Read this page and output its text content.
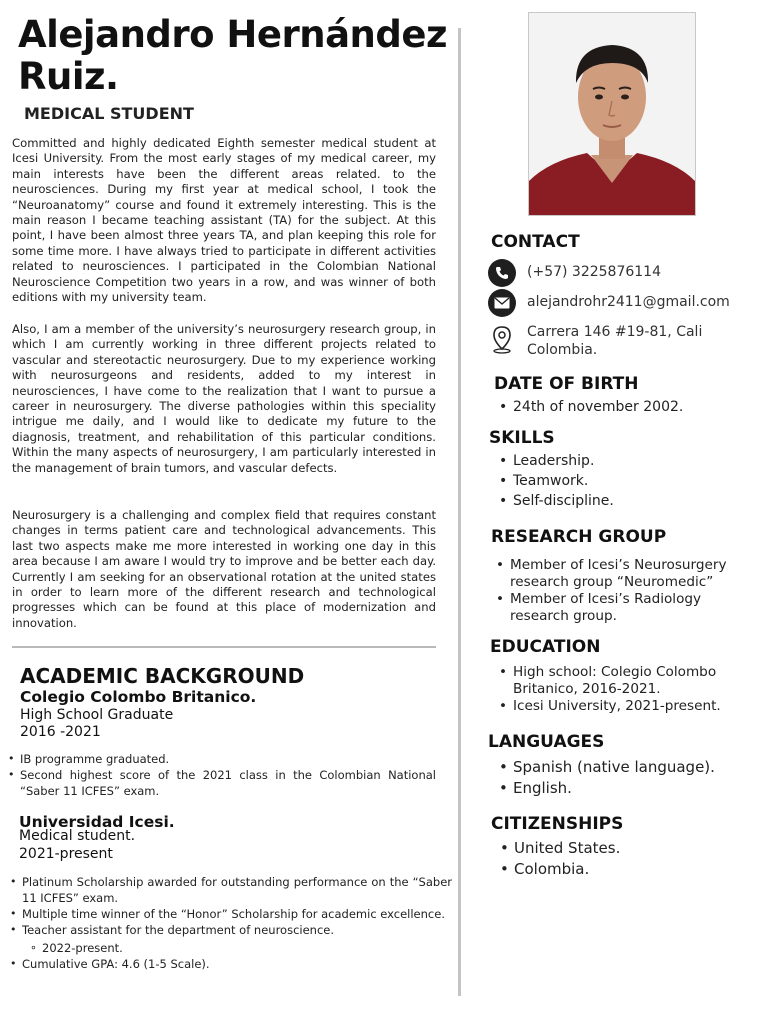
Alejandro Hernández Ruiz.
MEDICAL STUDENT

Committed and highly dedicated Eighth semester medical student at Icesi University. From the most early stages of my medical career, my main interests have been the different areas related. to the neurosciences. During my first year at medical school, I took the “Neuroanatomy” course and found it extremely interesting. This is the main reason I became teaching assistant (TA) for the subject. At this point, I have been almost three years TA, and plan keeping this role for some time more. I have always tried to participate in different activities related to neurosciences. I participated in the Colombian National Neuroscience Competition two years in a row, and was winner of both editions with my university team.

Also, I am a member of the university’s neurosurgery research group, in which I am currently working in three different projects related to vascular and stereotactic neurosurgery. Due to my experience working with neurosurgeons and residents, added to my interest in neurosciences, I have come to the realization that I want to pursue a career in neurosurgery. The diverse pathologies within this speciality intrigue me daily, and I would like to dedicate my future to the diagnosis, treatment, and rehabilitation of this particular conditions. Within the many aspects of neurosurgery, I am particularly interested in the management of brain tumors, and vascular defects.

Neurosurgery is a challenging and complex field that requires constant changes in terms patient care and technological advancements. This last two aspects make me more interested in working one day in this area because I am aware I would try to improve and be better each day. Currently I am seeking for an observational rotation at the united states in order to learn more of the different research and technological progresses which can be found at this place of modernization and innovation.

ACADEMIC BACKGROUND
Colegio Colombo Britanico.
High School Graduate
2016 -2021
• IB programme graduated.
• Second highest score of the 2021 class in the Colombian National “Saber 11 ICFES” exam.
Universidad Icesi.
Medical student.
2021-present
• Platinum Scholarship awarded for outstanding performance on the “Saber 11 ICFES” exam.
• Multiple time winner of the “Honor” Scholarship for academic excellence.
• Teacher assistant for the department of neuroscience.
∘ 2022-present.
• Cumulative GPA: 4.6 (1-5 Scale).
CONTACT
(+57) 3225876114
alejandrohr2411@gmail.com
Carrera 146 #19-81, Cali Colombia.
DATE OF BIRTH
• 24th of november 2002.
SKILLS
• Leadership.
• Teamwork.
• Self-discipline.
RESEARCH GROUP
• Member of Icesi’s Neurosurgery research group “Neuromedic”
• Member of Icesi’s Radiology research group.
EDUCATION
• High school: Colegio Colombo Britanico, 2016-2021.
• Icesi University, 2021-present.
LANGUAGES
• Spanish (native language).
• English.
CITIZENSHIPS
• United States.
• Colombia.
